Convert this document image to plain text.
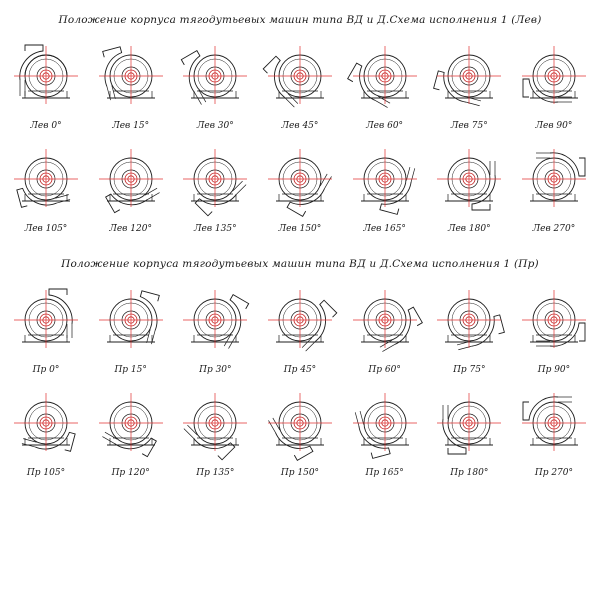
Положение корпуса тягодутьевых машин типа ВД и Д.Схема исполнения 1 (Лев)
Лев 0°	Лев 15°	Лев 30°	Лев 45°	Лев 60°	Лев 75°	Лев 90°
Лев 105°	Лев 120°	Лев 135°	Лев 150°	Лев 165°	Лев 180°	Лев 270°
Положение корпуса тягодутьевых машин типа ВД и Д.Схема исполнения 1 (Пр)
Пр 0°	Пр 15°	Пр 30°	Пр 45°	Пр 60°	Пр 75°	Пр 90°
Пр 105°	Пр 120°	Пр 135°	Пр 150°	Пр 165°	Пр 180°	Пр 270°
